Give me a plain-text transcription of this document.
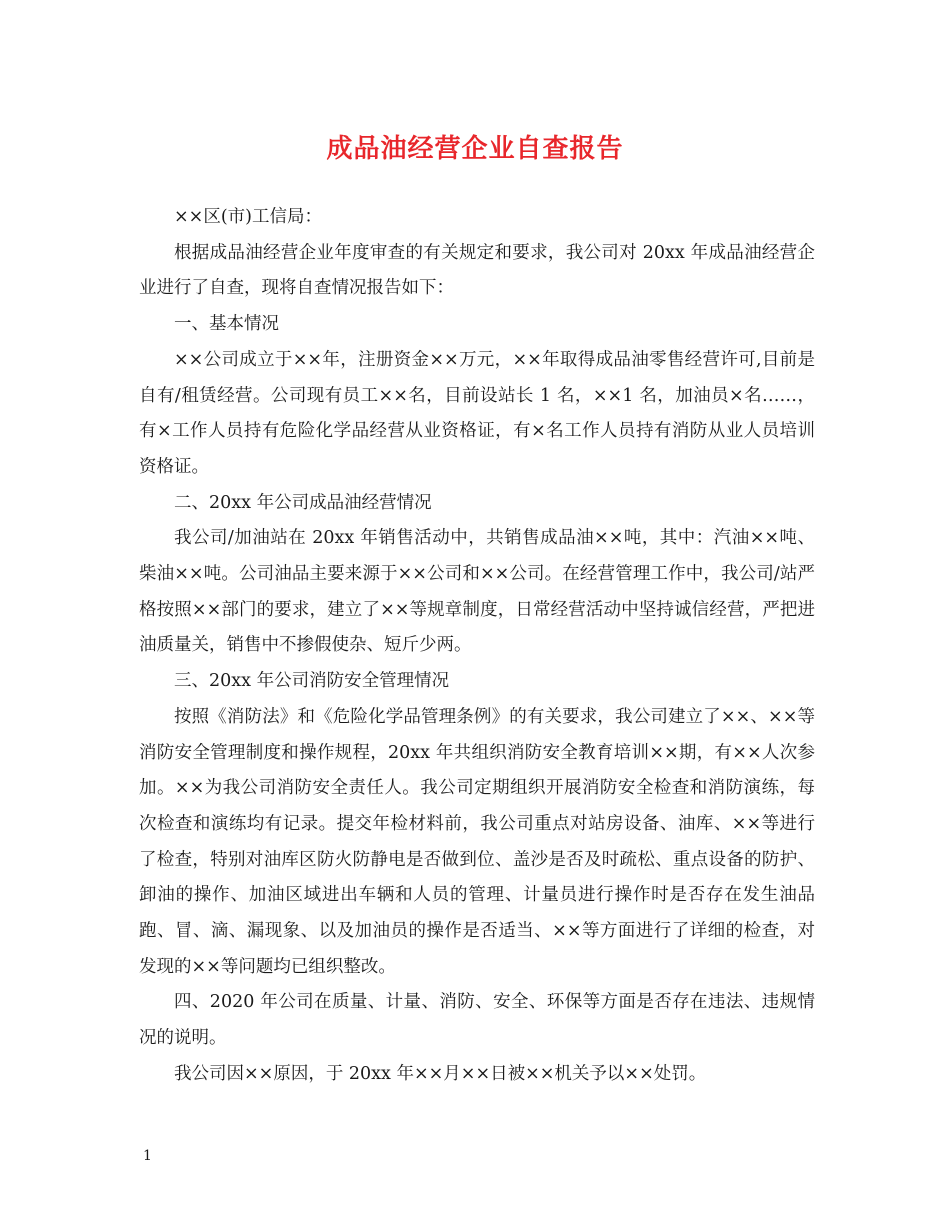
成品油经营企业自查报告

××区(市)工信局：

根据成品油经营企业年度审查的有关规定和要求，我公司对 20xx 年成品油经营企业进行了自查，现将自查情况报告如下：

一、基本情况

××公司成立于××年，注册资金××万元，××年取得成品油零售经营许可,目前是自有/租赁经营。公司现有员工××名，目前设站长 1 名，××1 名，加油员×名……，有×工作人员持有危险化学品经营从业资格证，有×名工作人员持有消防从业人员培训资格证。

二、20xx 年公司成品油经营情况

我公司/加油站在 20xx 年销售活动中，共销售成品油××吨，其中：汽油××吨、柴油××吨。公司油品主要来源于××公司和××公司。在经营管理工作中，我公司/站严格按照××部门的要求，建立了××等规章制度，日常经营活动中坚持诚信经营，严把进油质量关，销售中不掺假使杂、短斤少两。

三、20xx 年公司消防安全管理情况

按照《消防法》和《危险化学品管理条例》的有关要求，我公司建立了××、××等消防安全管理制度和操作规程，20xx 年共组织消防安全教育培训××期，有××人次参加。××为我公司消防安全责任人。我公司定期组织开展消防安全检查和消防演练，每次检查和演练均有记录。提交年检材料前，我公司重点对站房设备、油库、××等进行了检查，特别对油库区防火防静电是否做到位、盖沙是否及时疏松、重点设备的防护、卸油的操作、加油区域进出车辆和人员的管理、计量员进行操作时是否存在发生油品跑、冒、滴、漏现象、以及加油员的操作是否适当、××等方面进行了详细的检查，对发现的××等问题均已组织整改。

四、2020 年公司在质量、计量、消防、安全、环保等方面是否存在违法、违规情况的说明。

我公司因××原因，于 20xx 年××月××日被××机关予以××处罚。

1
